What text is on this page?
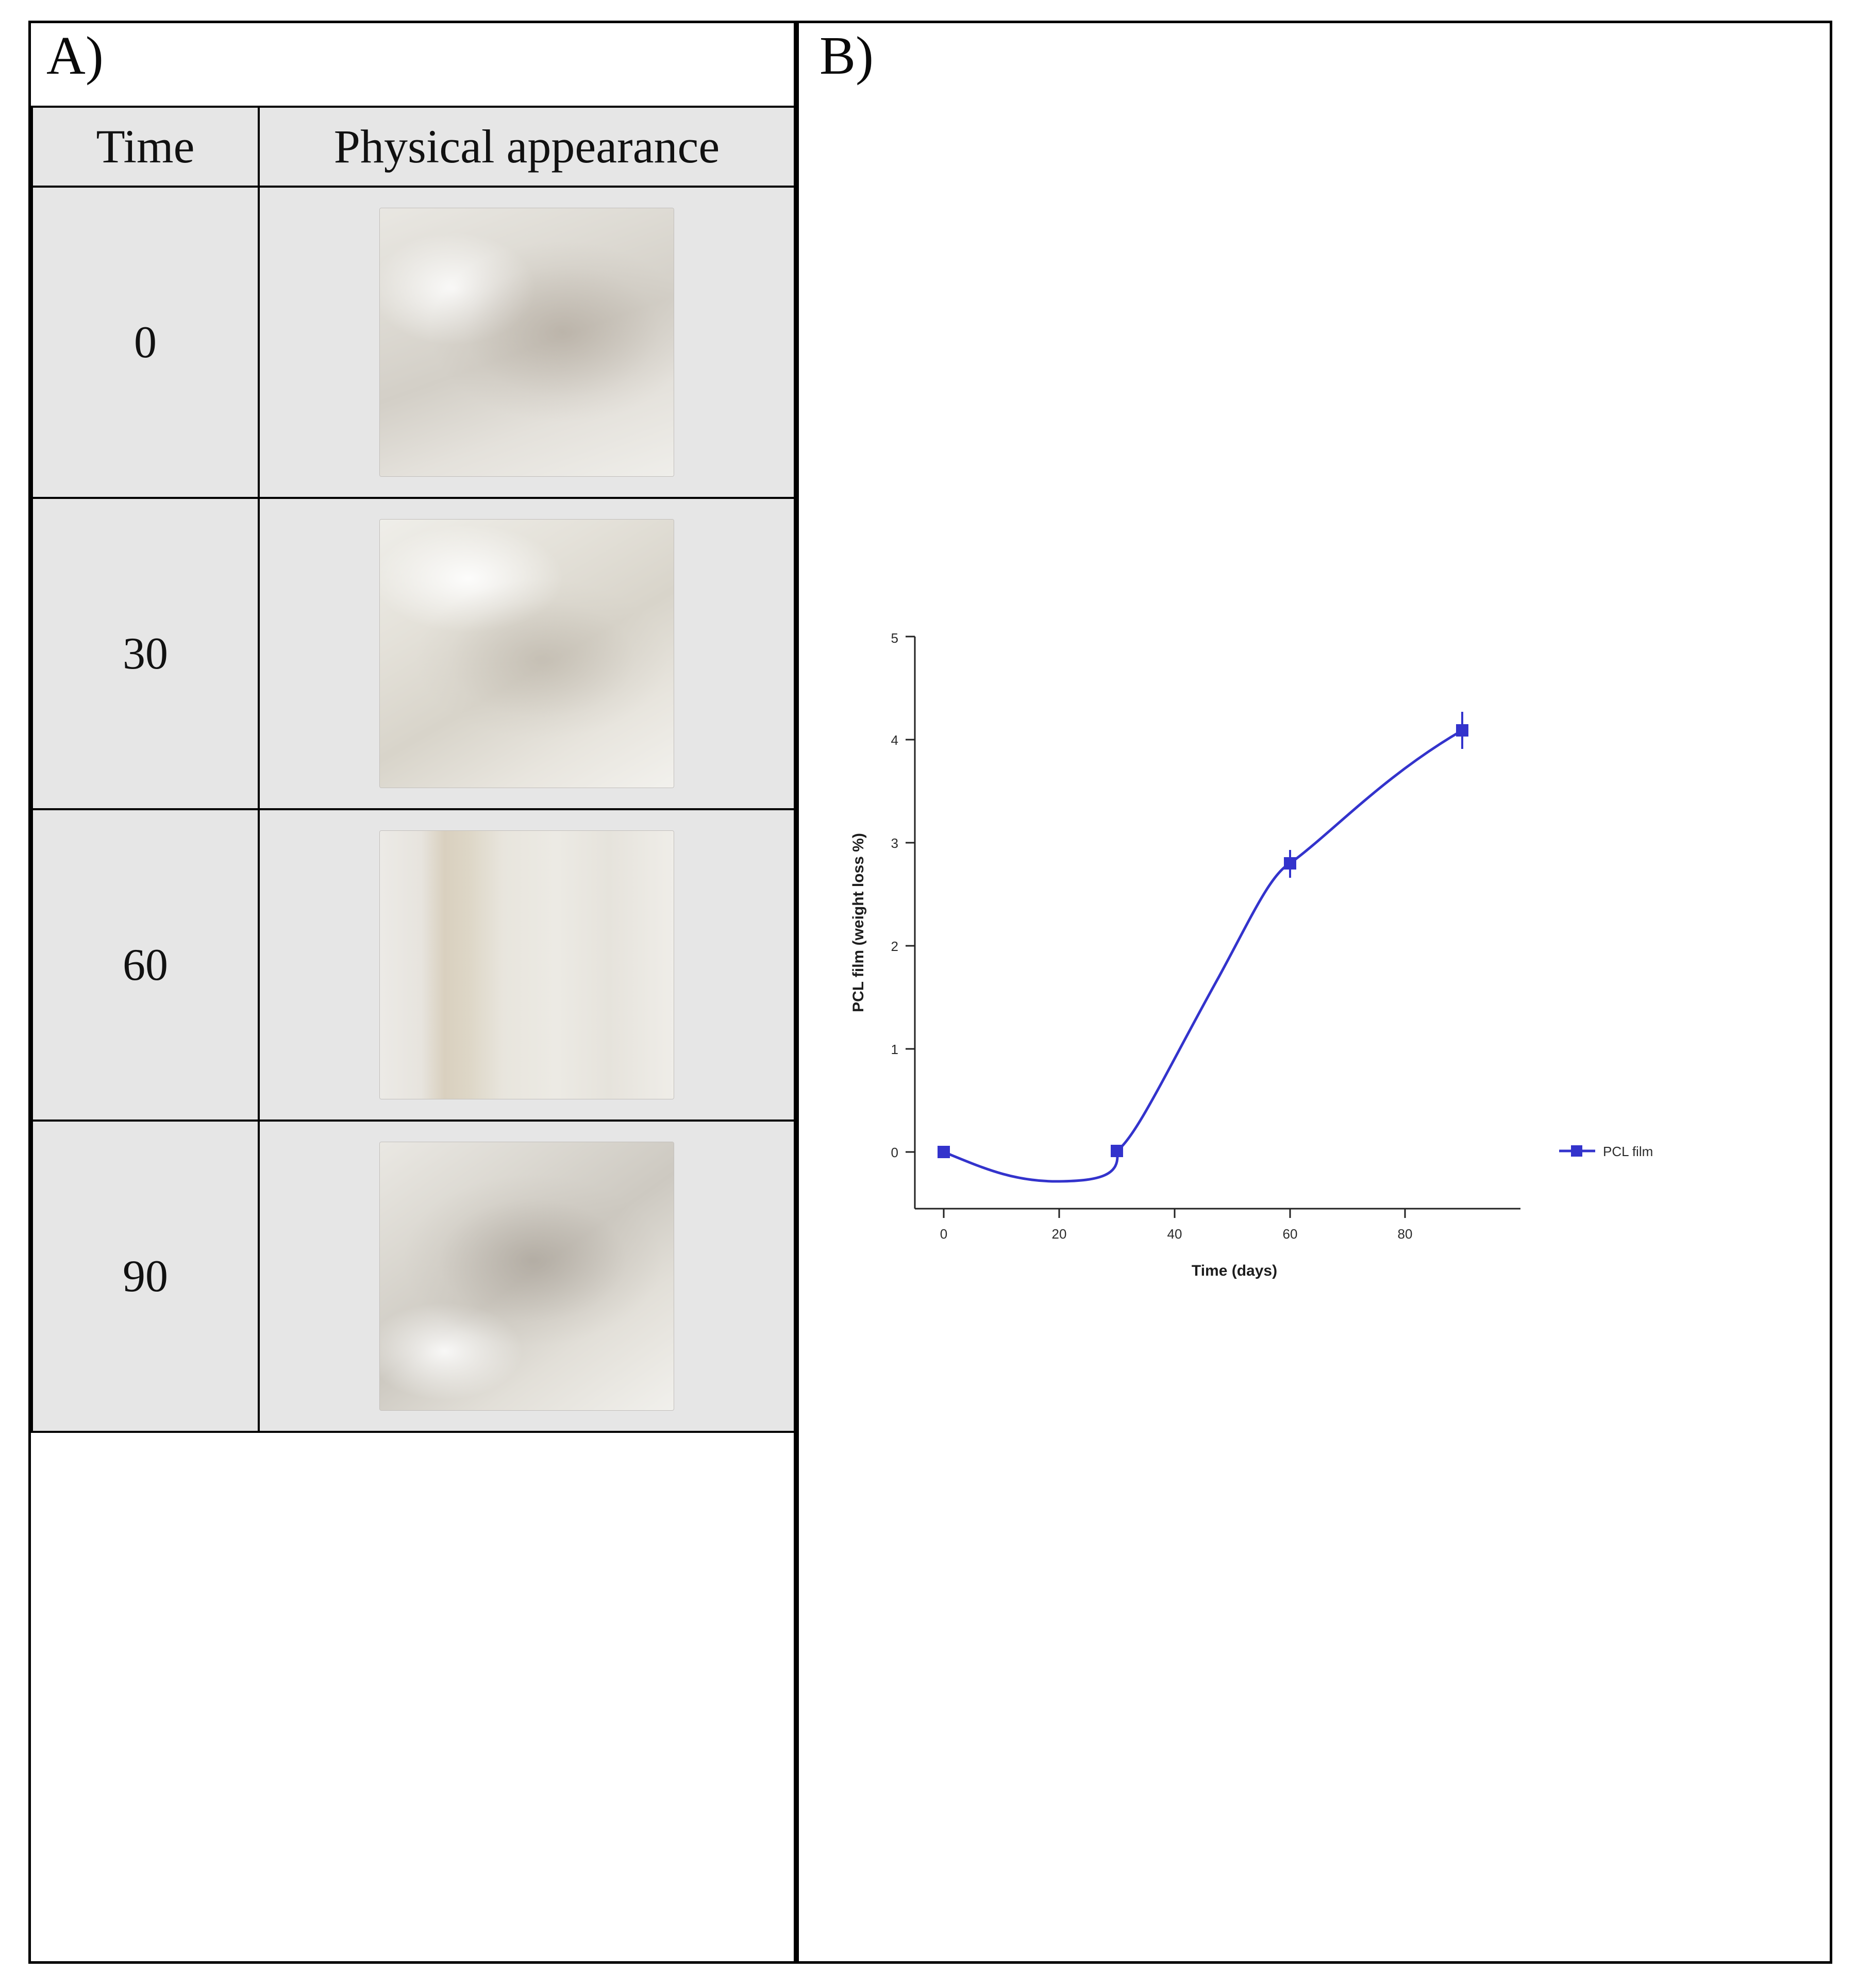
A)
Time	Physical appearance
0	

30	

60	

90	
B)
0
1
2
3
4
5
0	20	40	60	80
Time (days)
PCL film (weight loss %)
PCL film
